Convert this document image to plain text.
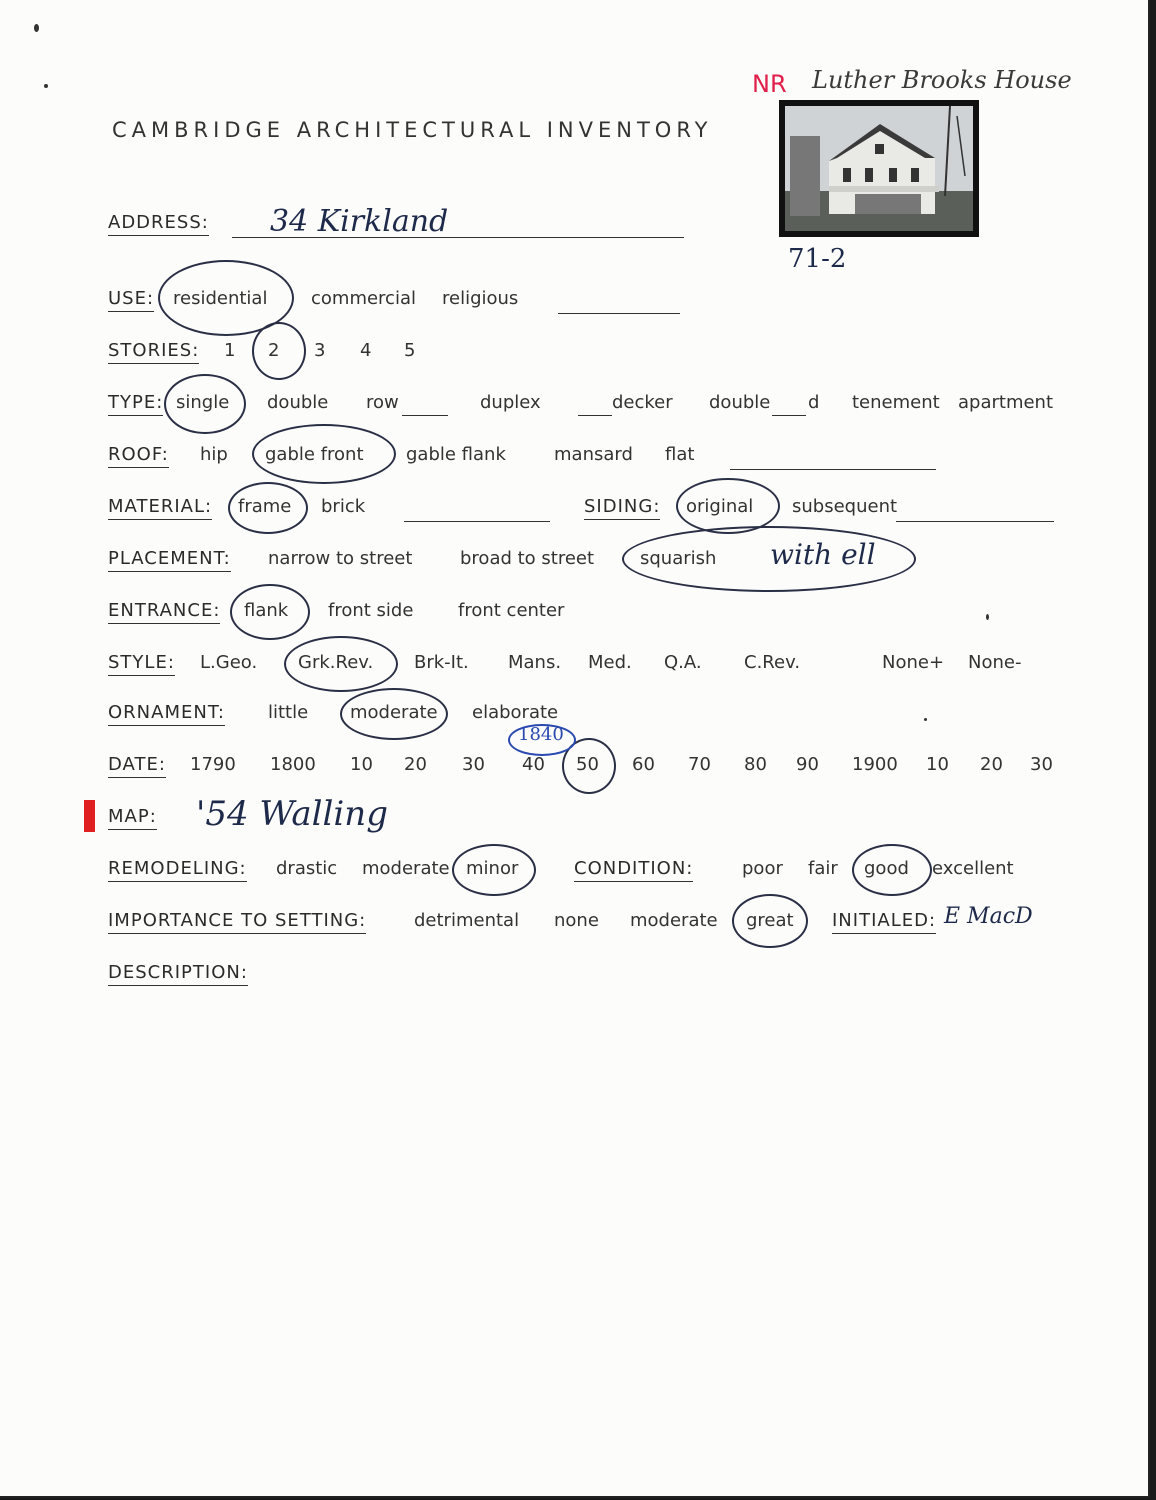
NR Luther Brooks House
CAMBRIDGE ARCHITECTURAL INVENTORY
71-2
ADDRESS: 34 Kirkland
USE: residential commercial religious
STORIES: 1 2 3 4 5
TYPE: single double row	duplex	decker double d tenement apartment
ROOF: hip gable front gable flank	mansard flat
MATERIAL: frame brick	SIDING: original subsequent
PLACEMENT: narrow to street	broad to street	squarish with ell
ENTRANCE: flank front side front center
STYLE: L.Geo. Grk.Rev. Brk-It. Mans. Med. Q.A. C.Rev.	None+ None-
ORNAMENT: little moderate elaborate
DATE: 1790 1800 10 20 30 40 50 60 70 80 90 1900 10 20 30
1840
MAP: '54 Walling
REMODELING: drastic moderate minor	CONDITION:	poor fair good excellent
IMPORTANCE TO SETTING:	detrimental none moderate great INITIALED: E MacD
DESCRIPTION:
